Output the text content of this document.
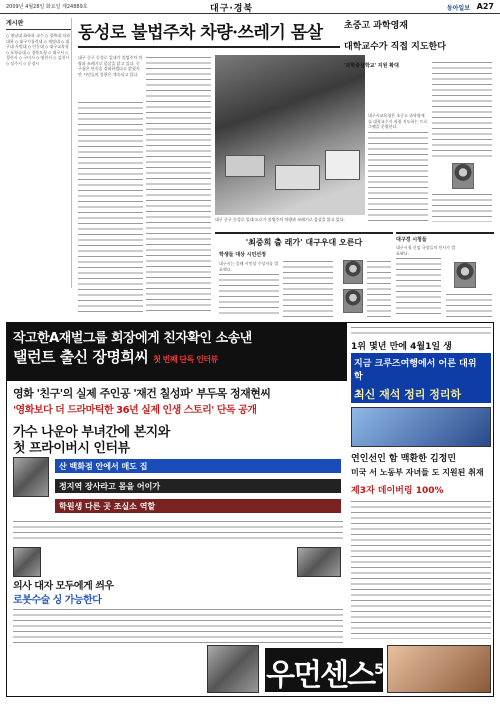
2009년 4월28일 화요일 제24889호	대구·경북	동아일보 A27
게시판
◇ 영남대 화학과 교수 ◇ 경북대 의과대학 ◇ 대구가톨릭대 ◇ 계명대 ◇ 대구대 사범대 ◇ 안동대 ◇ 대구교육청 ◇ 포항공대 ◇ 경북도청 ◇ 대구시 ◇ 경산시 ◇ 구미시 ◇ 영천시 ◇ 김천시 ◇ 상주시 ◇ 문경시
동성로 불법주차 차량·쓰레기 몸살
대구 중구 동성로 일대가 불법주차 차량과 쓰레기로 몸살을 앓고 있다. 중구청은 단속을 강화하겠다고 밝혔지만 시민들의 불편은 계속되고 있다.
대구 중구 동성로 일대 도로가 불법주차 차량과 쓰레기로 몸살을 앓고 있다.
초중고 과학영재
대학교수가 직접 지도한다
'과학중심학교' 지원 확대
대구시교육청은 초중고 과학영재를 대학교수가 직접 지도하는 프로그램을 운영한다.
'최중희 출 래가' 대구우대 오른다
학생들 대상 시민선정
대구시는 올해 시민상 수상자를 발표했다.
대구경 시청들
대구시청 신임 국장들의 인사가 발표됐다.
작고한A재벌그룹 회장에게 친자확인 소송낸
탤런트 출신 장명희씨 첫 번째 단독 인터뷰
영화 '친구'의 실제 주인공 '재건 칠성파' 부두목 정재현씨
'영화보다 더 드라마틱한 36년 실제 인생 스토리' 단독 공개
가수 나운아 부녀간에 본지와
첫 프라이버시 인터뷰
산 백화점 안에서 매도 집
정지역 장사라고 몸을 어이가
학원생 다른 곳 조실소 역할
의사 대자 모두에게 씌우
로봇수술 싱 가능한다
1위 몇년 만에 4월1일 생
지금 크루즈여행에서 어른 대위 학
최신 재석 정리 정리하
연인선인 함 맥환한 김정민
미국 서 노동부 자녀들 도 지원된 취재
제3자 데이버링 100%
우먼센스$^5$
